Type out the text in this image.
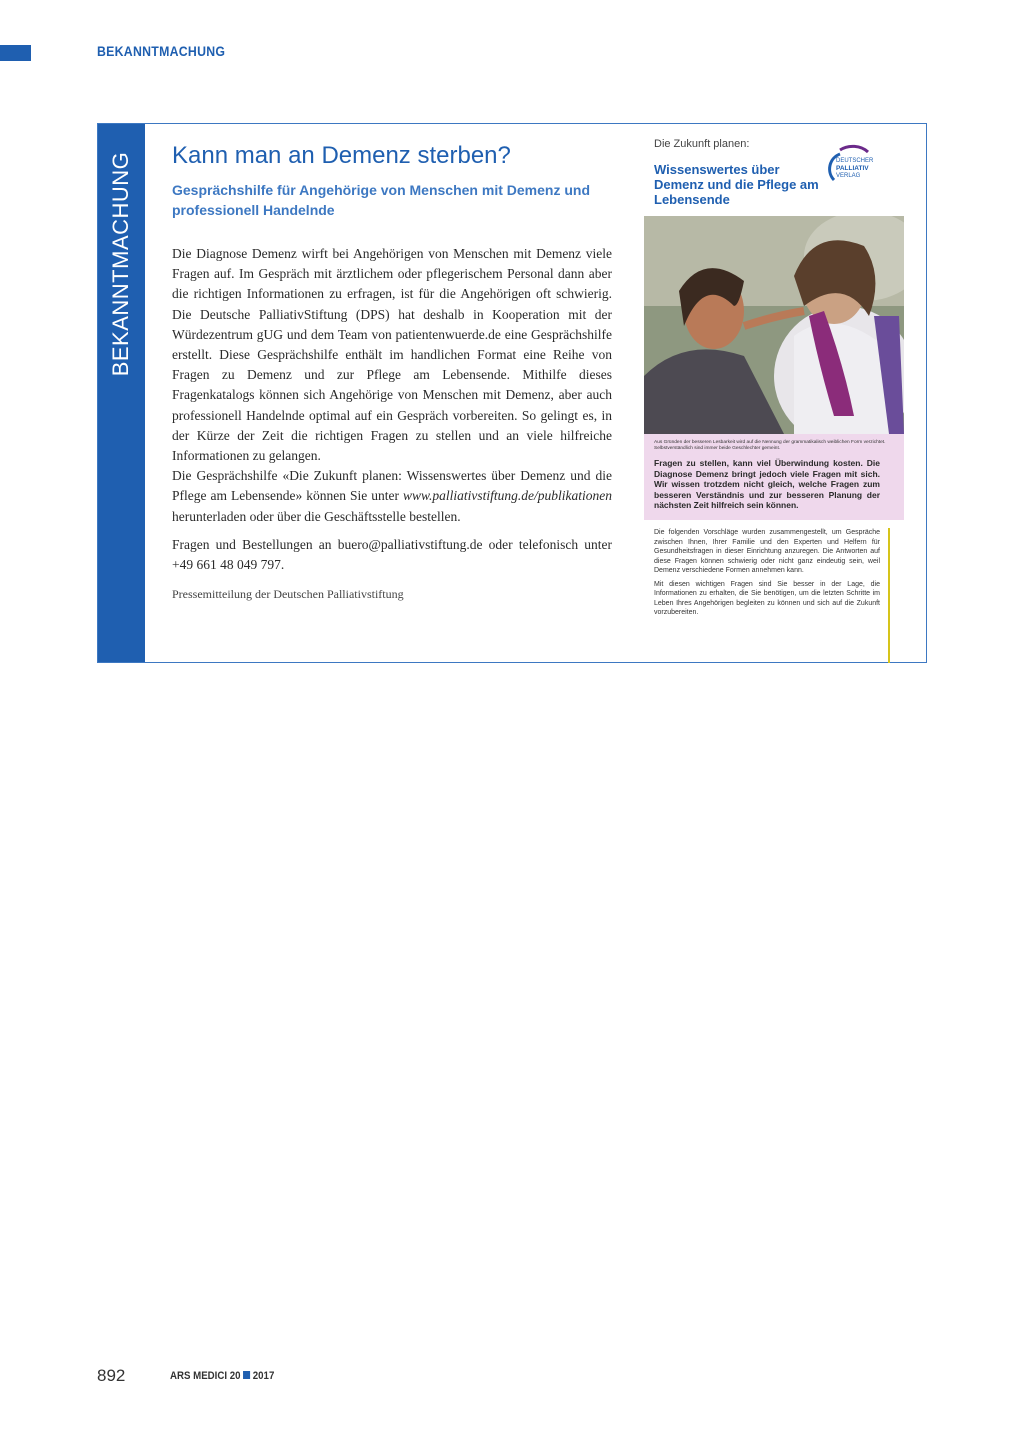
BEKANNTMACHUNG
BEKANNTMACHUNG Kann man an Demenz sterben?
Gesprächshilfe für Angehörige von Menschen mit Demenz und professionell Handelnde

Die Diagnose Demenz wirft bei Angehörigen von Menschen mit Demenz viele Fragen auf. Im Gespräch mit ärztlichem oder pflegerischem Personal dann aber die richtigen Informationen zu erfragen, ist für die Angehörigen oft schwierig. Die Deutsche PalliativStiftung (DPS) hat deshalb in Kooperation mit der Würdezentrum gUG und dem Team von patientenwuerde.de eine Gesprächshilfe erstellt. Diese Gesprächshilfe enthält im handlichen Format eine Reihe von Fragen zu Demenz und zur Pflege am Lebensende. Mithilfe dieses Fragenkatalogs können sich Angehörige von Menschen mit Demenz, aber auch professionell Handelnde optimal auf ein Gespräch vorbereiten. So gelingt es, in der Kürze der Zeit die richtigen Fragen zu stellen und an viele hilfreiche Informationen zu gelangen.

Die Gesprächshilfe «Die Zukunft planen: Wissenswertes über Demenz und die Pflege am Lebensende» können Sie unter www.palliativstiftung.de/publikationen herunterladen oder über die Geschäftsstelle bestellen.

Fragen und Bestellungen an buero@palliativstiftung.de oder telefonisch unter +49 661 48 049 797.

Pressemitteilung der Deutschen Palliativstiftung
Die Zukunft planen:
Wissenswertes über Demenz und die Pflege am Lebensende
DEUTSCHER
PALLIATIV
VERLAG
Aus Gründen der besseren Lesbarkeit wird auf die Nennung der grammatikalisch weiblichen Form verzichtet. Selbstverständlich sind immer beide Geschlechter gemeint.
Fragen zu stellen, kann viel Überwindung kosten. Die Diagnose Demenz bringt jedoch viele Fragen mit sich. Wir wissen trotzdem nicht gleich, welche Fragen zum besseren Verständnis und zur besseren Planung der nächsten Zeit hilfreich sein können.

Die folgenden Vorschläge wurden zusammengestellt, um Gespräche zwischen Ihnen, Ihrer Familie und den Experten und Helfern für Gesundheitsfragen in dieser Einrichtung anzuregen. Die Antworten auf diese Fragen können schwierig oder nicht ganz eindeutig sein, weil Demenz verschiedene Formen annehmen kann.

Mit diesen wichtigen Fragen sind Sie besser in der Lage, die Informationen zu erhalten, die Sie benötigen, um die letzten Schritte im Leben Ihres Angehörigen begleiten zu können und sich auf die Zukunft vorzubereiten.

892	ARS MEDICI 20 2017
